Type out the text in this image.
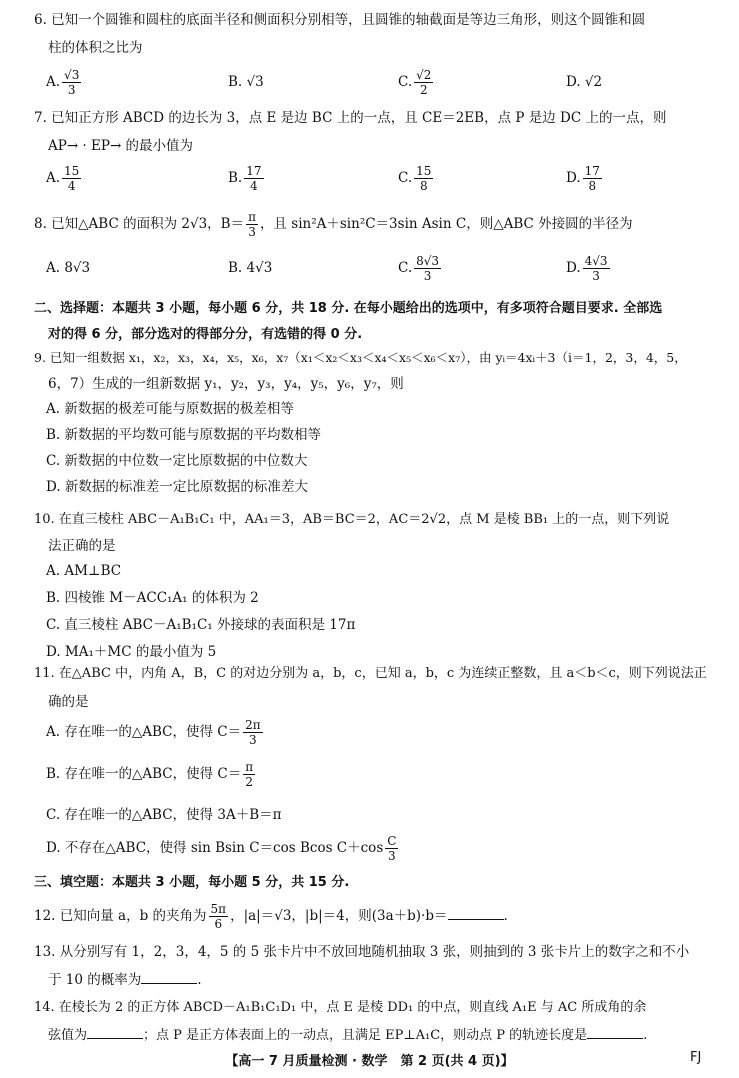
6. 已知一个圆锥和圆柱的底面半径和侧面积分别相等，且圆锥的轴截面是等边三角形，则这个圆锥和圆
柱的体积之比为
A. $\frac{√3}{3}$	B. √3	C. $\frac{√2}{2}$	D. √2
7. 已知正方形 ABCD 的边长为 3，点 E 是边 BC 上的一点，且 CE＝2EB，点 P 是边 DC 上的一点，则
AP→ · EP→ 的最小值为
A. $\frac{15}{4}$	B. $\frac{17}{4}$	C. $\frac{15}{8}$	D. $\frac{17}{8}$
8. 已知△ABC 的面积为 2√3，$B= \frac{\pi}{3}$ ，且 sin²A＋sin²C＝3sin Asin C，则△ABC 外接圆的半径为
A. 8√3	B. 4√3	C. $\frac{8√3}{3}$	D. $\frac{4√3}{3}$
二、选择题：本题共 3 小题，每小题 6 分，共 18 分. 在每小题给出的选项中，有多项符合题目要求. 全部选
对的得 6 分，部分选对的得部分分，有选错的得 0 分.
9. 已知一组数据 x₁，x₂，x₃，x₄，x₅，x₆，x₇（x₁＜x₂＜x₃＜x₄＜x₅＜x₆＜x₇），由 yᵢ＝4xᵢ＋3（i＝1，2，3，4，5，
6，7）生成的一组新数据 y₁，y₂，y₃，y₄，y₅，y₆，y₇，则
A. 新数据的极差可能与原数据的极差相等
B. 新数据的平均数可能与原数据的平均数相等
C. 新数据的中位数一定比原数据的中位数大
D. 新数据的标准差一定比原数据的标准差大
10. 在直三棱柱 ABC－A₁B₁C₁ 中，AA₁＝3，AB＝BC＝2，AC＝2√2，点 M 是棱 BB₁ 上的一点，则下列说
法正确的是
A. AM⊥BC
B. 四棱锥 M－ACC₁A₁ 的体积为 2
C. 直三棱柱 ABC－A₁B₁C₁ 外接球的表面积是 17π
D. MA₁＋MC 的最小值为 5
11. 在△ABC 中，内角 A，B，C 的对边分别为 a，b，c，已知 a，b，c 为连续正整数，且 a＜b＜c，则下列说法正
确的是
A. 存在唯一的△ABC，使得 $C= \frac{2\pi}{3}$
B. 存在唯一的△ABC，使得 $C= \frac{\pi}{2}$
C. 存在唯一的△ABC，使得 3A＋B＝π
D. 不存在△ABC，使得 sin Bsin C＝cos Bcos $C+\cos \frac{C}{3}$
三、填空题：本题共 3 小题，每小题 5 分，共 15 分.
12. 已知向量 a，b 的夹角为 $\frac{5\pi}{6}$ ，|a|＝√3，|b|＝4，则(3a＋b)·b＝	.
13. 从分别写有 1，2，3，4，5 的 5 张卡片中不放回地随机抽取 3 张，则抽到的 3 张卡片上的数字之和不小
于 10 的概率为	.
14. 在棱长为 2 的正方体 ABCD－A₁B₁C₁D₁ 中，点 E 是棱 DD₁ 的中点，则直线 A₁E 与 AC 所成角的余
弦值为	；点 P 是正方体表面上的一动点，且满足 EP⊥A₁C，则动点 P 的轨迹长度是	.
【高一 7 月质量检测 · 数学　第 2 页(共 4 页)】	FJ
